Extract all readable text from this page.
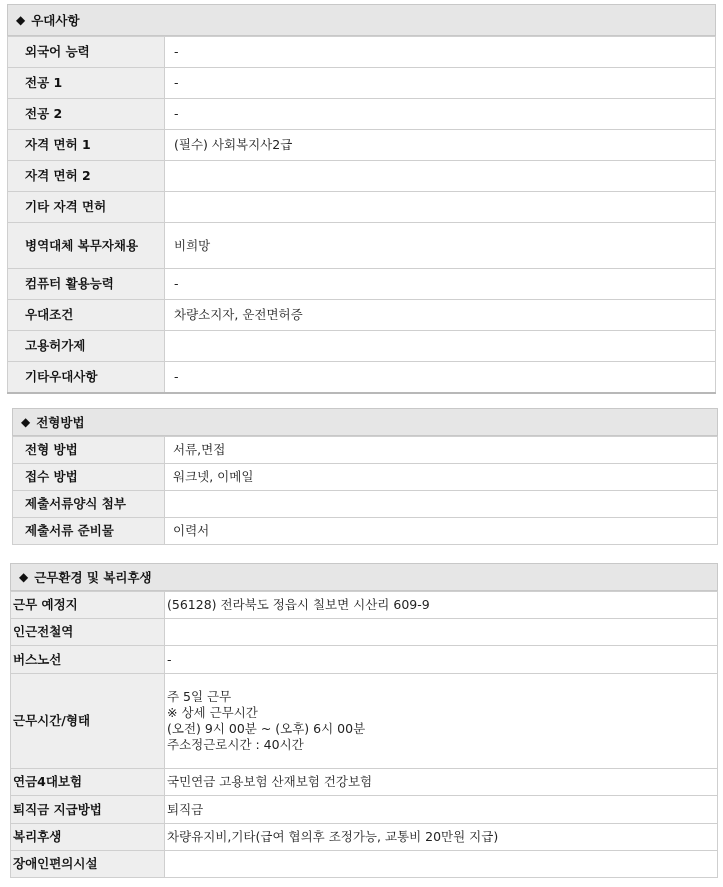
◆ 우대사항
외국어 능력	-
전공 1	-
전공 2	-
자격 면허 1	(필수) 사회복지사2급
자격 면허 2	
기타 자격 면허	
병역대체 복무자채용	비희망
컴퓨터 활용능력	-
우대조건	차량소지자, 운전면허증
고용허가제	
기타우대사항	-
◆ 전형방법
전형 방법	서류,면접
접수 방법	워크넷, 이메일
제출서류양식 첨부	
제출서류 준비물	이력서
◆ 근무환경 및 복리후생
근무 예정지	(56128) 전라북도 정읍시 칠보면 시산리 609-9
인근전철역	
버스노선	-
근무시간/형태	주 5일 근무
※ 상세 근무시간
(오전) 9시 00분 ~ (오후) 6시 00분
주소정근로시간 : 40시간

연금4대보험	국민연금 고용보험 산재보험 건강보험
퇴직금 지급방법	퇴직금
복리후생	차량유지비,기타(급여 협의후 조정가능, 교통비 20만원 지급)
장애인편의시설	
